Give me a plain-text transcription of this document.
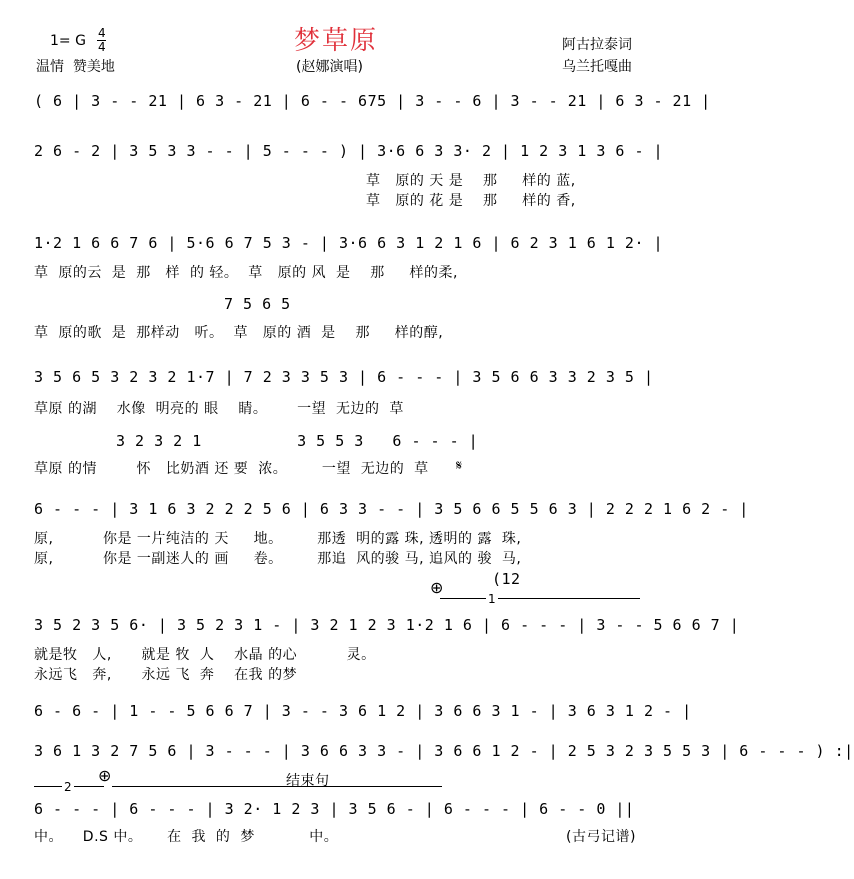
梦草原
1= G 4
4
温情  赞美地	(赵娜演唱)
阿古拉泰词
乌兰托嘎曲
( 6 | 3 - - 21 | 6 3 - 21 | 6 - - 675 | 3 - - 6 | 3 - - 21 | 6 3 - 21 |
2 6 - 2 | 3 5 3 3 - - | 5 - - - ) | 3·6 6 3 3· 2 | 1 2 3 1 3 6 - |
草   原的 天 是    那     样的 蓝,
草   原的 花 是    那     样的 香,
1·2 1 6 6 7 6 | 5·6 6 7 5 3 - | 3·6 6 3 1 2 1 6 | 6 2 3 1 6 1 2· |
草  原的云  是  那   样  的 轻。  草   原的 风  是    那     样的柔,
7 5 6 5
草  原的歌  是  那样动   听。  草   原的 酒  是    那     样的醇,
3 5 6 5 3 2 3 2 1·7 | 7 2 3 3 5 3 | 6 - - - | 3 5 6 6 3 3 2 3 5 |
草原 的湖    水像  明亮的 眼    睛。      一望  无边的  草
3 2 3 2 1          3 5 5 3   6 - - - |
草原 的情        怀   比奶酒 还 要  浓。       一望  无边的  草 𝄋
6 - - - | 3 1 6 3 2 2 2 5 6 | 6 3 3 - - | 3 5 6 6 5 5 6 3 | 2 2 2 1 6 2 - |
原,          你是 一片纯洁的 天     地。       那透  明的露 珠, 透明的 露  珠,
原,          你是 一副迷人的 画     卷。       那追  风的骏 马, 追风的 骏  马,
⊕	(12
1
3 5 2 3 5 6· | 3 5 2 3 1 - | 3 2 1 2 3 1·2 1 6 | 6 - - - | 3 - - 5 6 6 7 |
就是牧   人,      就是 牧  人    水晶 的心          灵。
永远飞   奔,      永远 飞  奔    在我 的梦
6 - 6 - | 1 - - 5 6 6 7 | 3 - - 3 6 1 2 | 3 6 6 3 1 - | 3 6 3 1 2 - |
3 6 1 3 2 7 5 6 | 3 - - - | 3 6 6 3 3 - | 3 6 6 1 2 - | 2 5 3 2 3 5 5 3 | 6 - - - ) :|
2
⊕	结束句
6 - - - | 6 - - - | 3 2· 1 2 3 | 3 5 6 - | 6 - - - | 6 - - 0 ||
中。    D.S 中。     在  我  的  梦           中。	(古弓记谱)
